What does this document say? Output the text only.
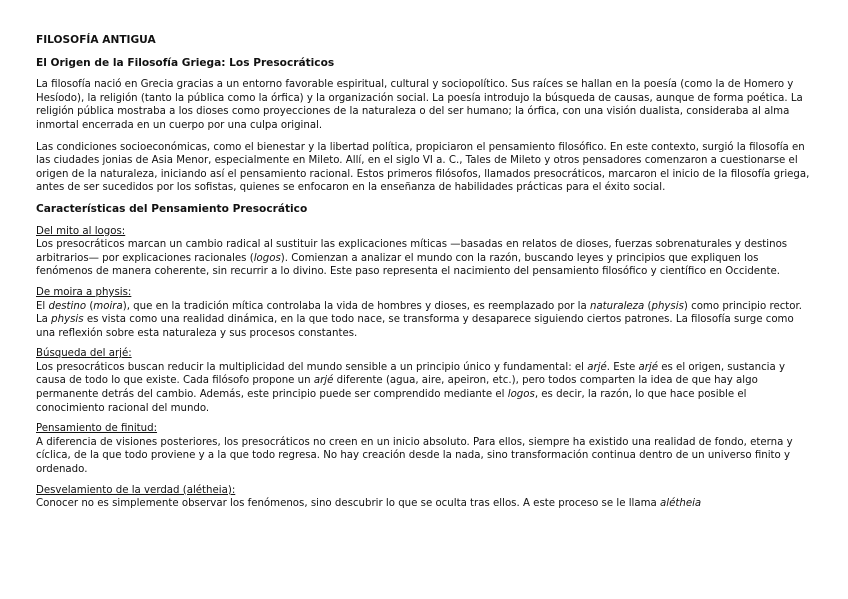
FILOSOFÍA ANTIGUA
El Origen de la Filosofía Griega: Los Presocráticos

La filosofía nació en Grecia gracias a un entorno favorable espiritual, cultural y sociopolítico. Sus raíces se hallan en la poesía (como la de Homero y Hesíodo), la religión (tanto la pública como la órfica) y la organización social. La poesía introdujo la búsqueda de causas, aunque de forma poética. La religión pública mostraba a los dioses como proyecciones de la naturaleza o del ser humano; la órfica, con una visión dualista, consideraba al alma inmortal encerrada en un cuerpo por una culpa original.

Las condiciones socioeconómicas, como el bienestar y la libertad política, propiciaron el pensamiento filosófico. En este contexto, surgió la filosofía en las ciudades jonias de Asia Menor, especialmente en Mileto. Allí, en el siglo VI a. C., Tales de Mileto y otros pensadores comenzaron a cuestionarse el origen de la naturaleza, iniciando así el pensamiento racional. Estos primeros filósofos, llamados presocráticos, marcaron el inicio de la filosofía griega, antes de ser sucedidos por los sofistas, quienes se enfocaron en la enseñanza de habilidades prácticas para el éxito social.

Características del Pensamiento Presocrático
Del mito al logos:
Los presocráticos marcan un cambio radical al sustituir las explicaciones míticas —basadas en relatos de dioses, fuerzas sobrenaturales y destinos arbitrarios— por explicaciones racionales (logos). Comienzan a analizar el mundo con la razón, buscando leyes y principios que expliquen los fenómenos de manera coherente, sin recurrir a lo divino. Este paso representa el nacimiento del pensamiento filosófico y científico en Occidente.
De moira a physis:
El destino (moira), que en la tradición mítica controlaba la vida de hombres y dioses, es reemplazado por la naturaleza (physis) como principio rector. La physis es vista como una realidad dinámica, en la que todo nace, se transforma y desaparece siguiendo ciertos patrones. La filosofía surge como una reflexión sobre esta naturaleza y sus procesos constantes.
Búsqueda del arjé:
Los presocráticos buscan reducir la multiplicidad del mundo sensible a un principio único y fundamental: el arjé. Este arjé es el origen, sustancia y causa de todo lo que existe. Cada filósofo propone un arjé diferente (agua, aire, apeiron, etc.), pero todos comparten la idea de que hay algo permanente detrás del cambio. Además, este principio puede ser comprendido mediante el logos, es decir, la razón, lo que hace posible el conocimiento racional del mundo.
Pensamiento de finitud:
A diferencia de visiones posteriores, los presocráticos no creen en un inicio absoluto. Para ellos, siempre ha existido una realidad de fondo, eterna y cíclica, de la que todo proviene y a la que todo regresa. No hay creación desde la nada, sino transformación continua dentro de un universo finito y ordenado.
Desvelamiento de la verdad (alétheia):
Conocer no es simplemente observar los fenómenos, sino descubrir lo que se oculta tras ellos. A este proceso se le llama alétheia
